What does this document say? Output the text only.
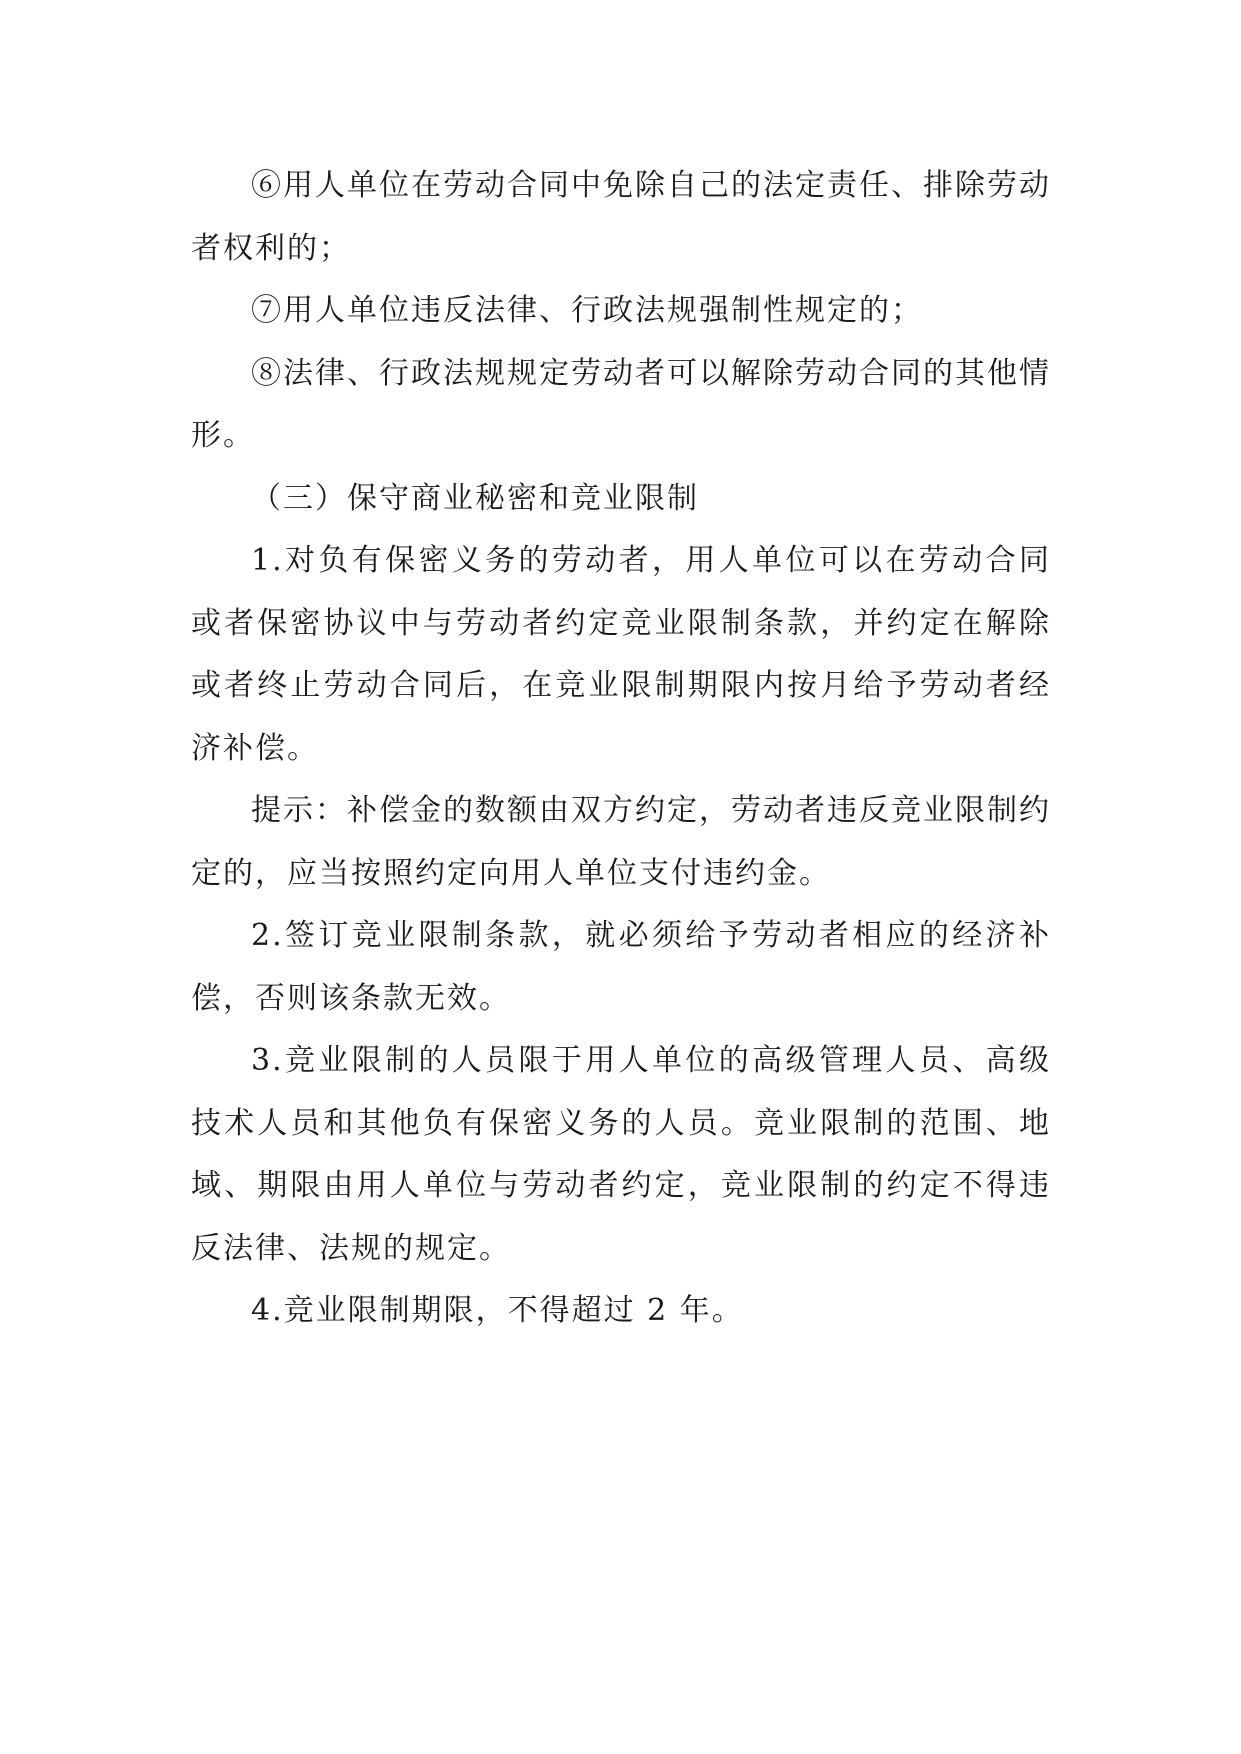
⑥用人单位在劳动合同中免除自己的法定责任、排除劳动者权利的；

⑦用人单位违反法律、行政法规强制性规定的；

⑧法律、行政法规规定劳动者可以解除劳动合同的其他情形。

（三）保守商业秘密和竞业限制

1.对负有保密义务的劳动者，用人单位可以在劳动合同或者保密协议中与劳动者约定竞业限制条款，并约定在解除或者终止劳动合同后，在竞业限制期限内按月给予劳动者经济补偿。

提示：补偿金的数额由双方约定，劳动者违反竞业限制约定的，应当按照约定向用人单位支付违约金。

2.签订竞业限制条款，就必须给予劳动者相应的经济补偿，否则该条款无效。

3.竞业限制的人员限于用人单位的高级管理人员、高级技术人员和其他负有保密义务的人员。竞业限制的范围、地域、期限由用人单位与劳动者约定，竞业限制的约定不得违反法律、法规的规定。

4.竞业限制期限，不得超过 2 年。
